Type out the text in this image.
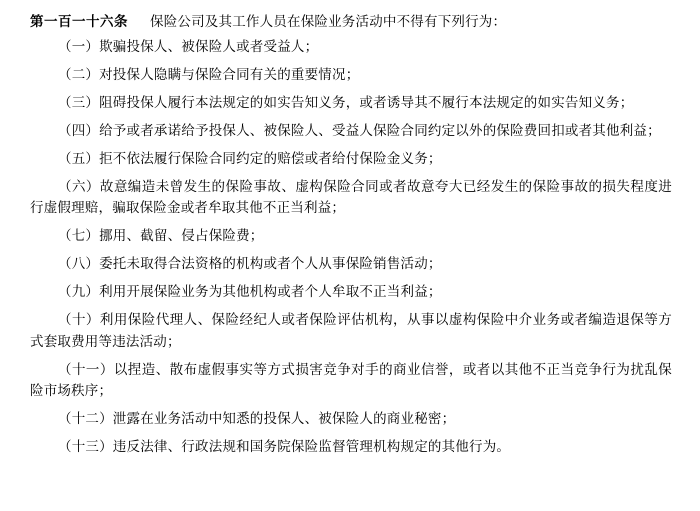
第一百一十六条 保险公司及其工作人员在保险业务活动中不得有下列行为：

（一）欺骗投保人、被保险人或者受益人；

（二）对投保人隐瞒与保险合同有关的重要情况；

（三）阻碍投保人履行本法规定的如实告知义务，或者诱导其不履行本法规定的如实告知义务；

（四）给予或者承诺给予投保人、被保险人、受益人保险合同约定以外的保险费回扣或者其他利益；

（五）拒不依法履行保险合同约定的赔偿或者给付保险金义务；

（六）故意编造未曾发生的保险事故、虚构保险合同或者故意夸大已经发生的保险事故的损失程度进行虚假理赔，骗取保险金或者牟取其他不正当利益；

（七）挪用、截留、侵占保险费；

（八）委托未取得合法资格的机构或者个人从事保险销售活动；

（九）利用开展保险业务为其他机构或者个人牟取不正当利益；

（十）利用保险代理人、保险经纪人或者保险评估机构，从事以虚构保险中介业务或者编造退保等方式套取费用等违法活动；

（十一）以捏造、散布虚假事实等方式损害竞争对手的商业信誉，或者以其他不正当竞争行为扰乱保险市场秩序；

（十二）泄露在业务活动中知悉的投保人、被保险人的商业秘密；

（十三）违反法律、行政法规和国务院保险监督管理机构规定的其他行为。
